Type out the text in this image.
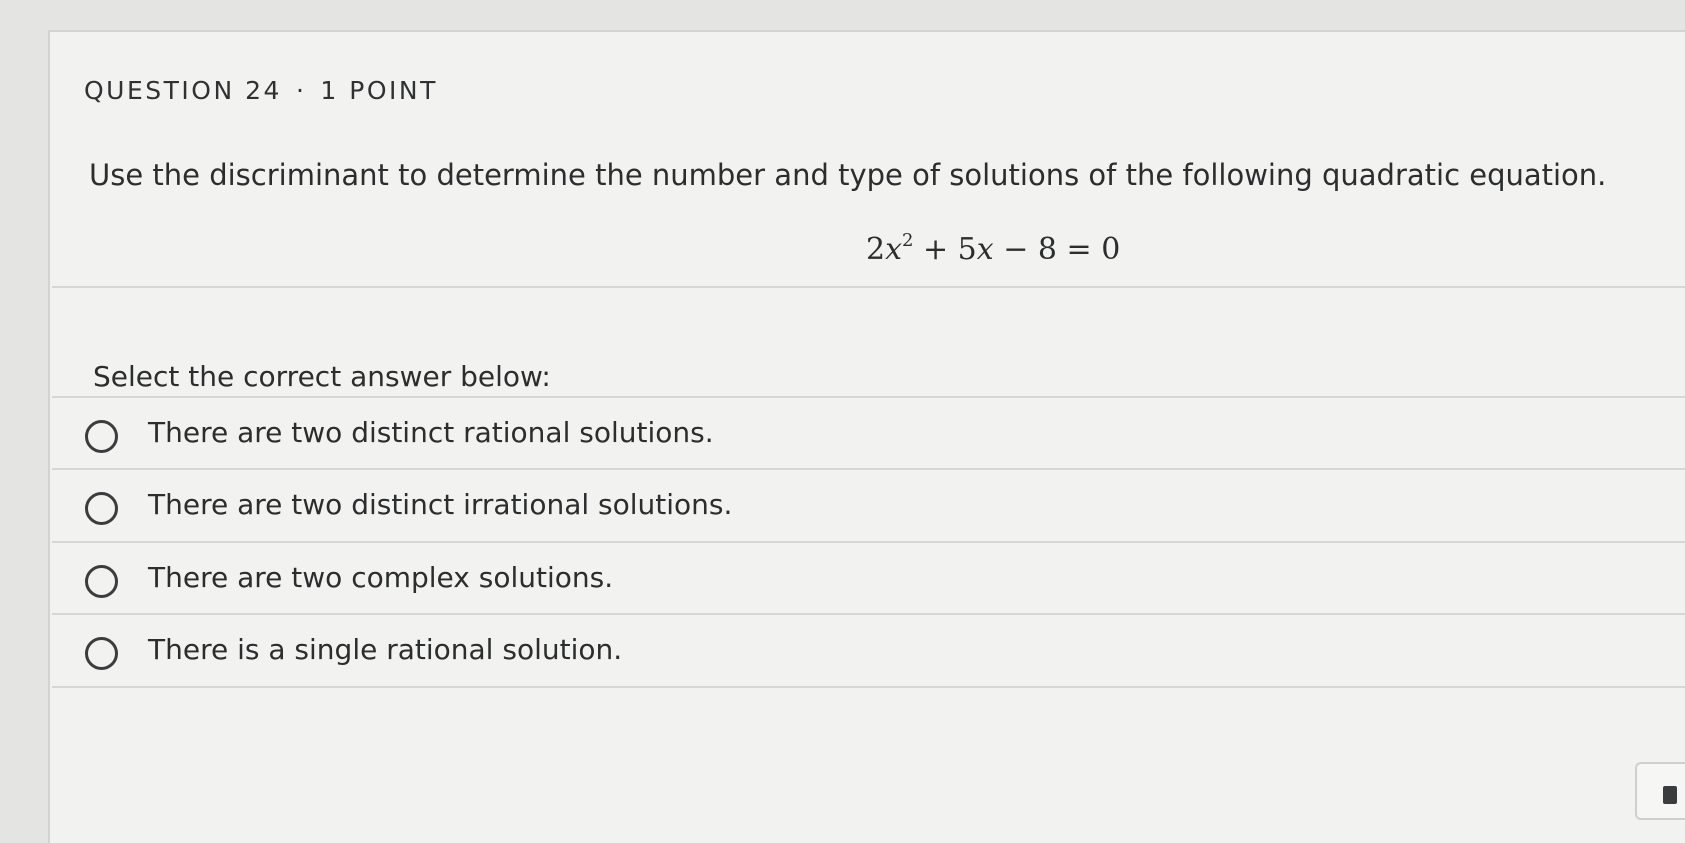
QUESTION 24 · 1 POINT
Use the discriminant to determine the number and type of solutions of the following quadratic equation.
$2x^2 + 5x - 8 = 0$
Select the correct answer below:
There are two distinct rational solutions.
There are two distinct irrational solutions.
There are two complex solutions.
There is a single rational solution.
